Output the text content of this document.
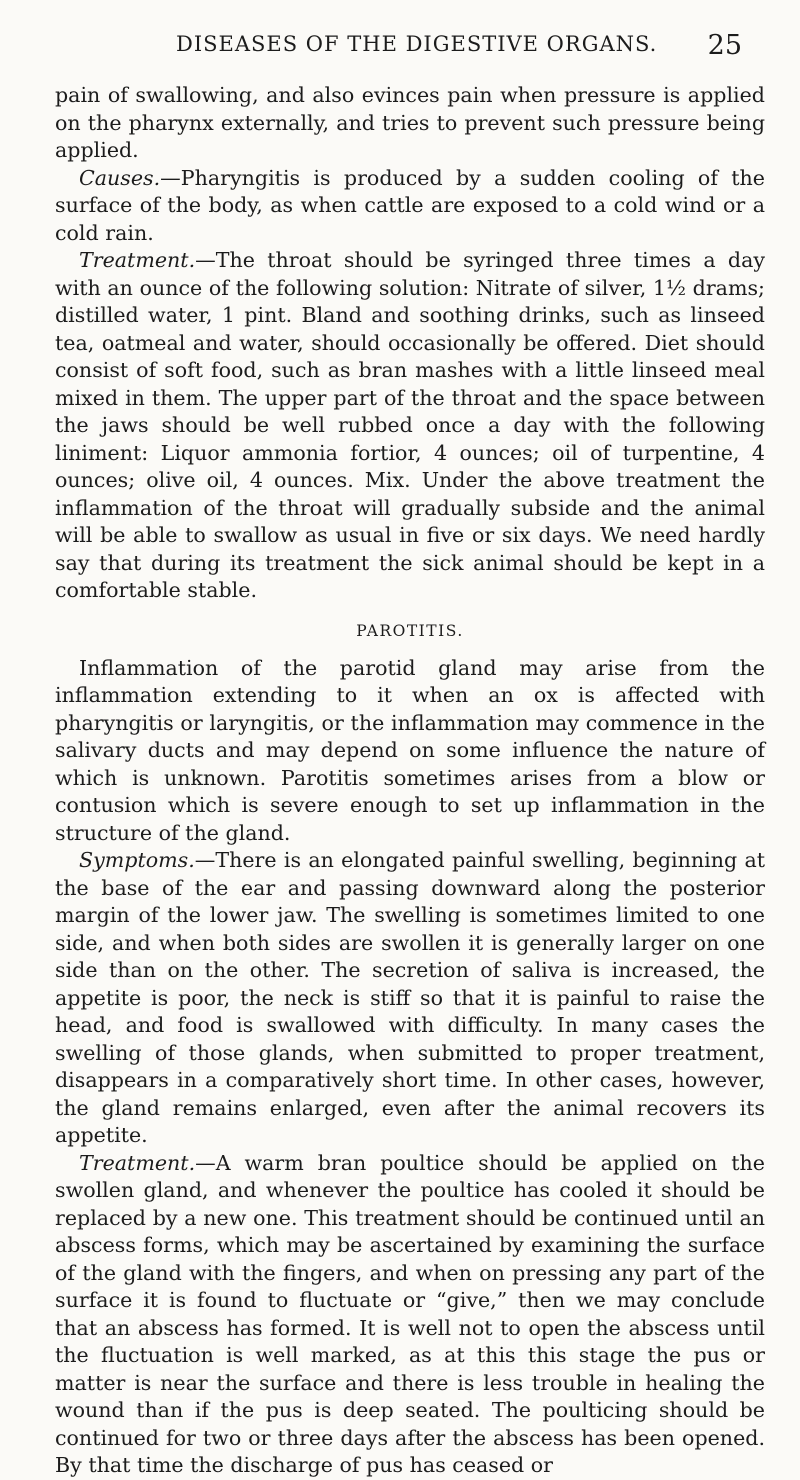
DISEASES OF THE DIGESTIVE ORGANS. 25

pain of swallowing, and also evinces pain when pressure is applied on the pharynx externally, and tries to prevent such pressure being applied.

Causes.—Pharyngitis is produced by a sudden cooling of the surface of the body, as when cattle are exposed to a cold wind or a cold rain.

Treatment.—The throat should be syringed three times a day with an ounce of the following solution: Nitrate of silver, 1½ drams; distilled water, 1 pint. Bland and soothing drinks, such as linseed tea, oatmeal and water, should occasionally be offered. Diet should consist of soft food, such as bran mashes with a little linseed meal mixed in them. The upper part of the throat and the space between the jaws should be well rubbed once a day with the following liniment: Liquor ammonia fortior, 4 ounces; oil of turpentine, 4 ounces; olive oil, 4 ounces. Mix. Under the above treatment the inflammation of the throat will gradually subside and the animal will be able to swallow as usual in five or six days. We need hardly say that during its treatment the sick animal should be kept in a comfortable stable.

PAROTITIS.

Inflammation of the parotid gland may arise from the inflammation extending to it when an ox is affected with pharyngitis or laryngitis, or the inflammation may commence in the salivary ducts and may depend on some influence the nature of which is unknown. Parotitis sometimes arises from a blow or contusion which is severe enough to set up inflammation in the structure of the gland.

Symptoms.—There is an elongated painful swelling, beginning at the base of the ear and passing downward along the posterior margin of the lower jaw. The swelling is sometimes limited to one side, and when both sides are swollen it is generally larger on one side than on the other. The secretion of saliva is increased, the appetite is poor, the neck is stiff so that it is painful to raise the head, and food is swallowed with difficulty. In many cases the swelling of those glands, when submitted to proper treatment, disappears in a comparatively short time. In other cases, however, the gland remains enlarged, even after the animal recovers its appetite.

Treatment.—A warm bran poultice should be applied on the swollen gland, and whenever the poultice has cooled it should be replaced by a new one. This treatment should be continued until an abscess forms, which may be ascertained by examining the surface of the gland with the fingers, and when on pressing any part of the surface it is found to fluctuate or “give,” then we may conclude that an abscess has formed. It is well not to open the abscess until the fluctuation is well marked, as at this this stage the pus or matter is near the surface and there is less trouble in healing the wound than if the pus is deep seated. The poulticing should be continued for two or three days after the abscess has been opened. By that time the discharge of pus has ceased or
